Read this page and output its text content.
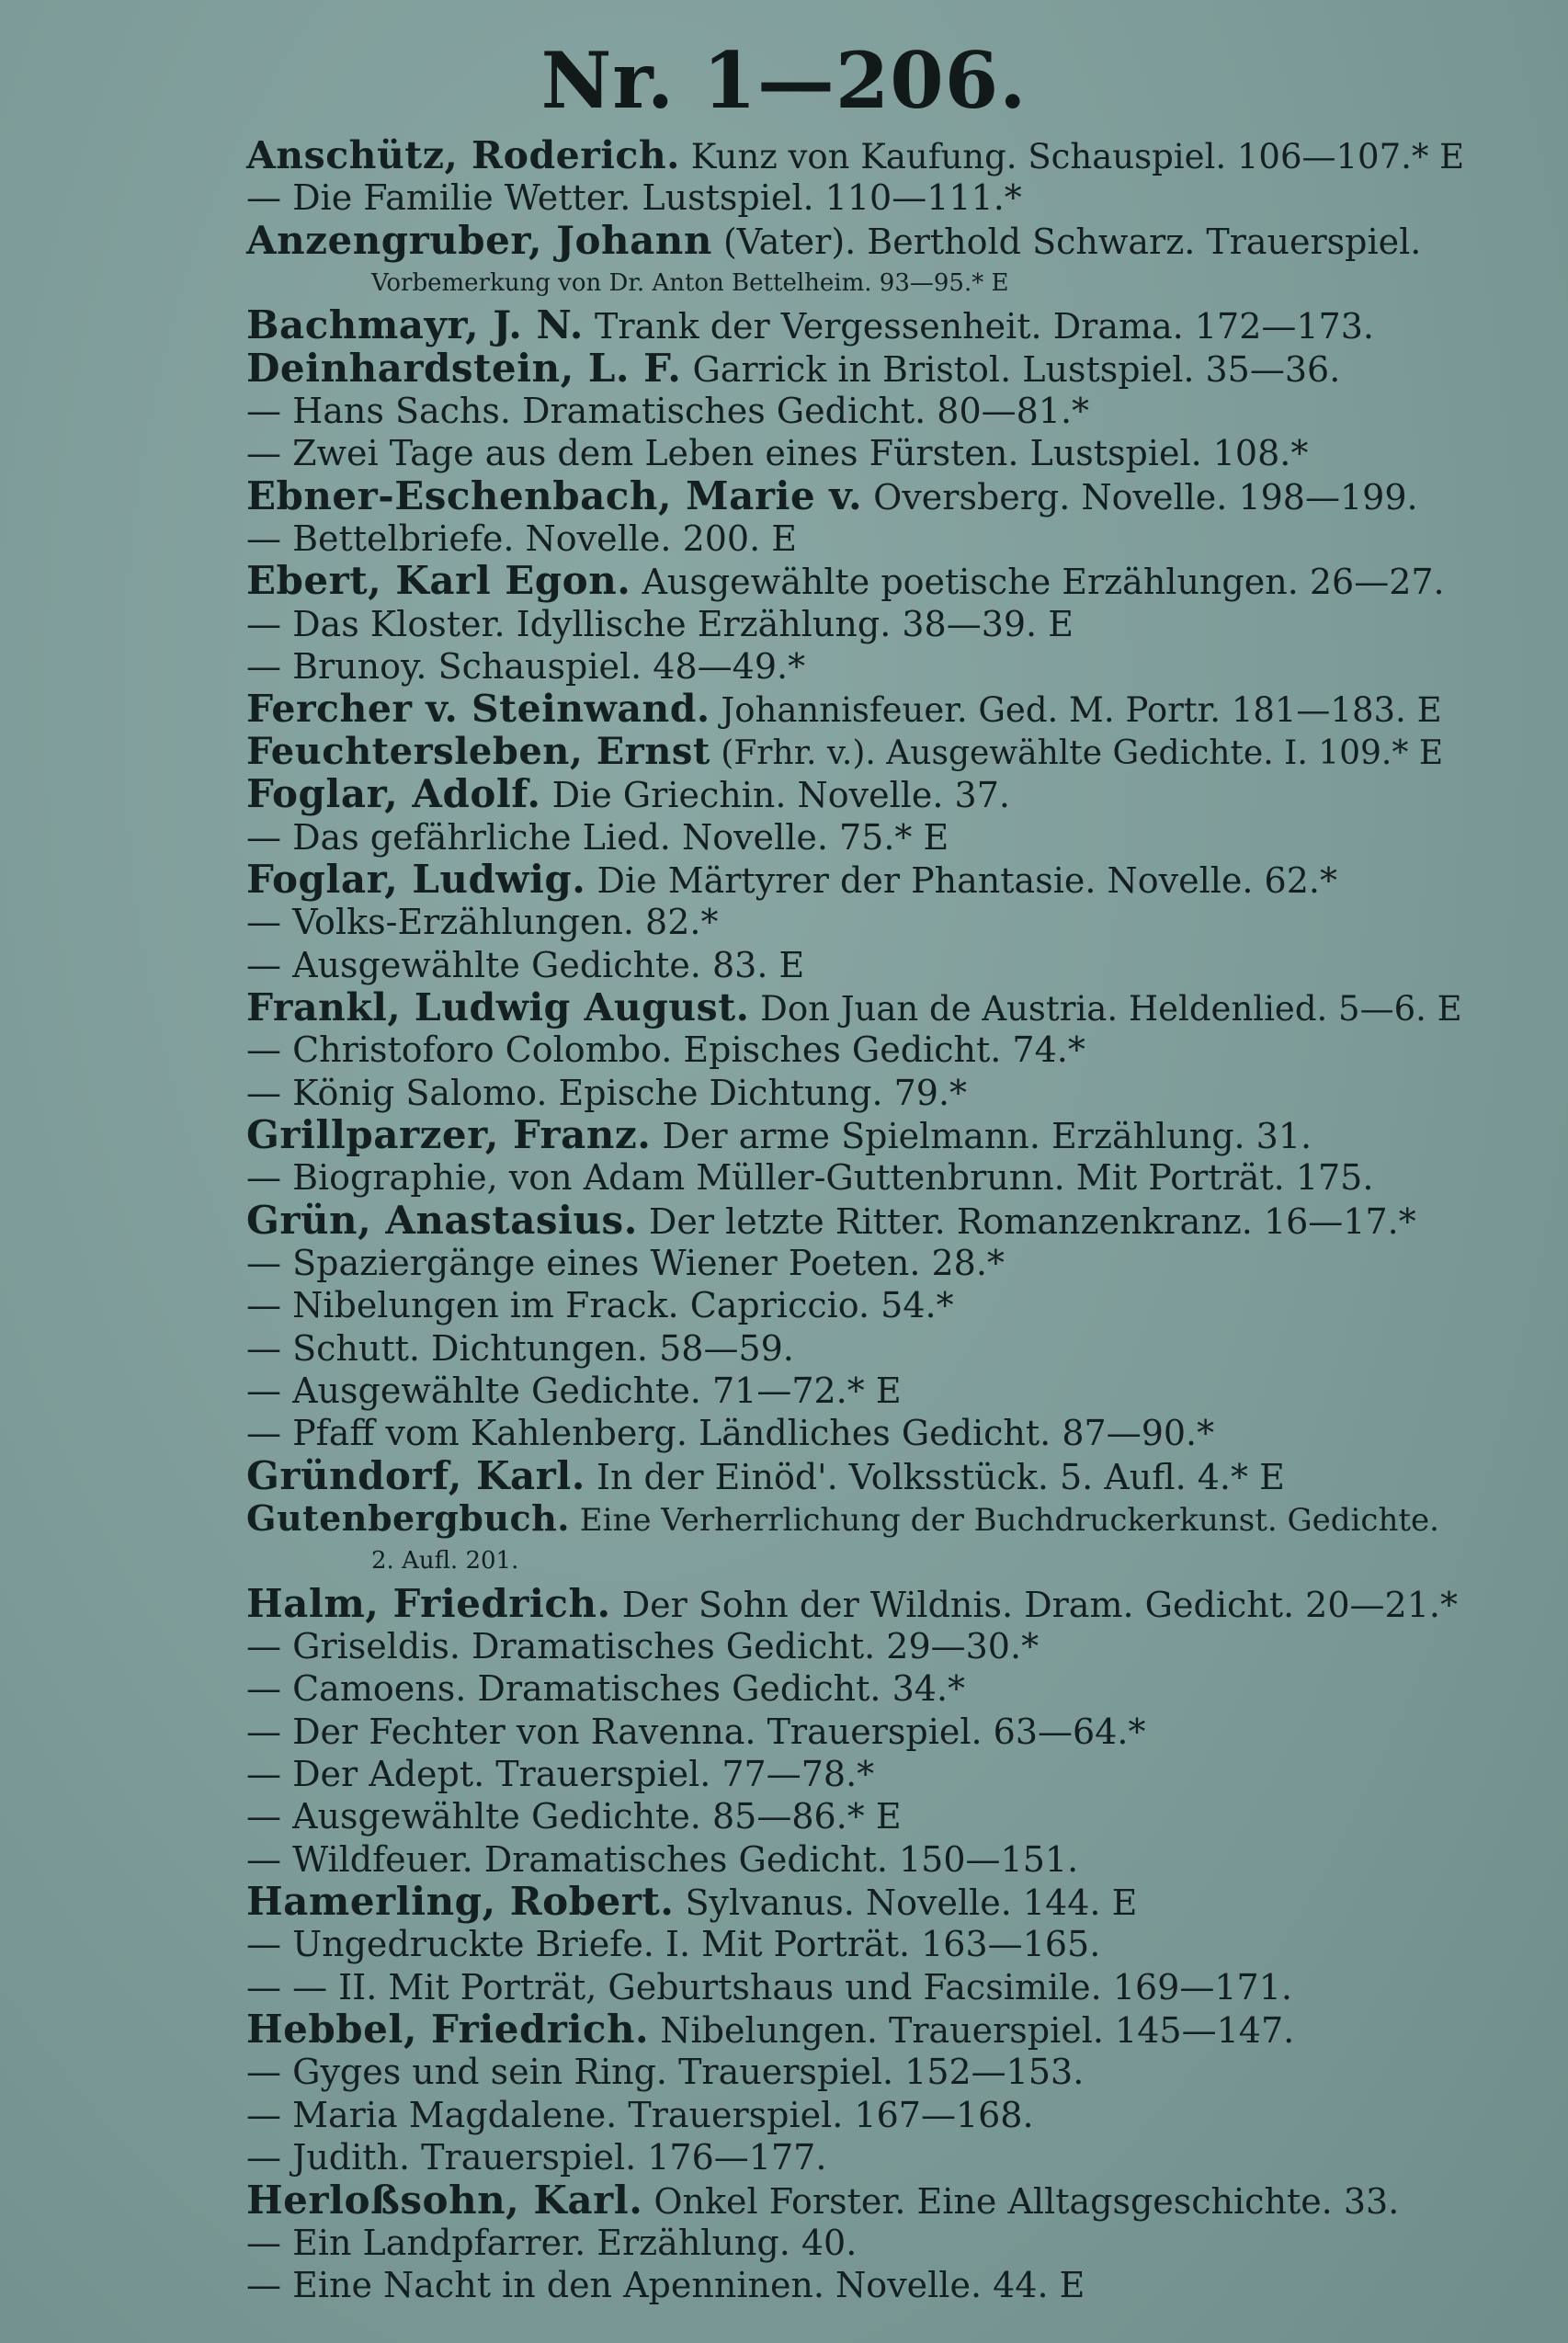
Nr. 1—206.
Anschütz, Roderich. Kunz von Kaufung. Schauspiel. 106—107.* E
— Die Familie Wetter. Lustspiel. 110—111.*
Anzengruber, Johann (Vater). Berthold Schwarz. Trauerspiel.
Vorbemerkung von Dr. Anton Bettelheim. 93—95.* E
Bachmayr, J. N. Trank der Vergessenheit. Drama. 172—173.
Deinhardstein, L. F. Garrick in Bristol. Lustspiel. 35—36.
— Hans Sachs. Dramatisches Gedicht. 80—81.*
— Zwei Tage aus dem Leben eines Fürsten. Lustspiel. 108.*
Ebner-Eschenbach, Marie v. Oversberg. Novelle. 198—199.
— Bettelbriefe. Novelle. 200. E
Ebert, Karl Egon. Ausgewählte poetische Erzählungen. 26—27.
— Das Kloster. Idyllische Erzählung. 38—39. E
— Brunoy. Schauspiel. 48—49.*
Fercher v. Steinwand. Johannisfeuer. Ged. M. Portr. 181—183. E
Feuchtersleben, Ernst (Frhr. v.). Ausgewählte Gedichte. I. 109.* E
Foglar, Adolf. Die Griechin. Novelle. 37.
— Das gefährliche Lied. Novelle. 75.* E
Foglar, Ludwig. Die Märtyrer der Phantasie. Novelle. 62.*
— Volks-Erzählungen. 82.*
— Ausgewählte Gedichte. 83. E
Frankl, Ludwig August. Don Juan de Austria. Heldenlied. 5—6. E
— Christoforo Colombo. Episches Gedicht. 74.*
— König Salomo. Epische Dichtung. 79.*
Grillparzer, Franz. Der arme Spielmann. Erzählung. 31.
— Biographie, von Adam Müller-Guttenbrunn. Mit Porträt. 175.
Grün, Anastasius. Der letzte Ritter. Romanzenkranz. 16—17.*
— Spaziergänge eines Wiener Poeten. 28.*
— Nibelungen im Frack. Capriccio. 54.*
— Schutt. Dichtungen. 58—59.
— Ausgewählte Gedichte. 71—72.* E
— Pfaff vom Kahlenberg. Ländliches Gedicht. 87—90.*
Gründorf, Karl. In der Einöd'. Volksstück. 5. Aufl. 4.* E
Gutenbergbuch. Eine Verherrlichung der Buchdruckerkunst. Gedichte.
2. Aufl. 201.
Halm, Friedrich. Der Sohn der Wildnis. Dram. Gedicht. 20—21.*
— Griseldis. Dramatisches Gedicht. 29—30.*
— Camoens. Dramatisches Gedicht. 34.*
— Der Fechter von Ravenna. Trauerspiel. 63—64.*
— Der Adept. Trauerspiel. 77—78.*
— Ausgewählte Gedichte. 85—86.* E
— Wildfeuer. Dramatisches Gedicht. 150—151.
Hamerling, Robert. Sylvanus. Novelle. 144. E
— Ungedruckte Briefe. I. Mit Porträt. 163—165.
— — II. Mit Porträt, Geburtshaus und Facsimile. 169—171.
Hebbel, Friedrich. Nibelungen. Trauerspiel. 145—147.
— Gyges und sein Ring. Trauerspiel. 152—153.
— Maria Magdalene. Trauerspiel. 167—168.
— Judith. Trauerspiel. 176—177.
Herloßsohn, Karl. Onkel Forster. Eine Alltagsgeschichte. 33.
— Ein Landpfarrer. Erzählung. 40.
— Eine Nacht in den Apenninen. Novelle. 44. E
